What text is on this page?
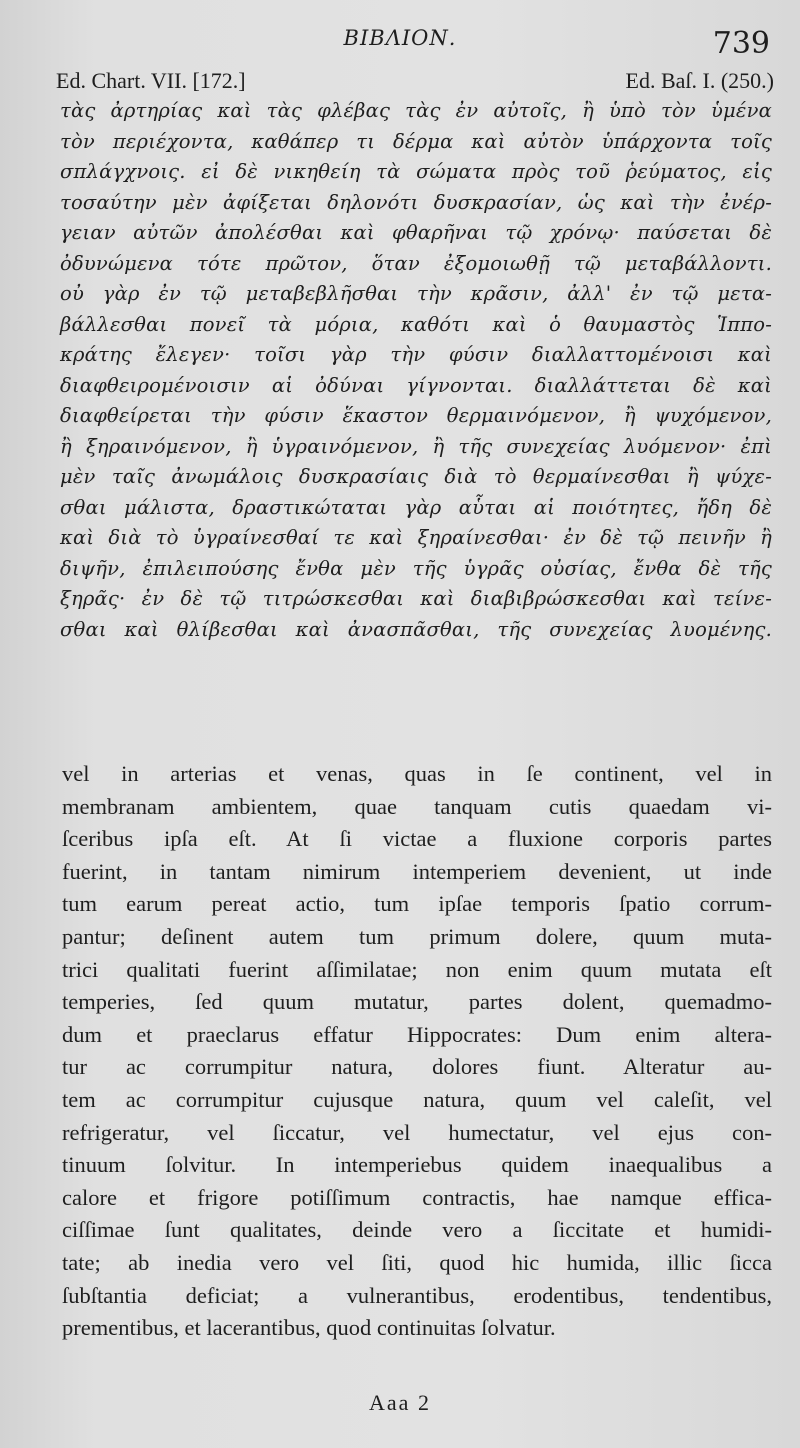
BIBΛΙΟΝ.	739
Ed. Chart. VII. [172.]	Ed. Baſ. I. (250.)
τὰς ἀρτηρίας καὶ τὰς φλέβας τὰς ἐν αὐτοῖς, ἢ ὑπὸ τὸν ὑμένα
τὸν περιέχοντα, καθάπερ τι δέρμα καὶ αὐτὸν ὑπάρχοντα τοῖς
σπλάγχνοις. εἰ δὲ νικηθείη τὰ σώματα πρὸς τοῦ ῥεύματος, εἰς
τοσαύτην μὲν ἀφίξεται δηλονότι δυσκρασίαν, ὡς καὶ τὴν ἐνέρ-
γειαν αὐτῶν ἀπολέσθαι καὶ φθαρῆναι τῷ χρόνῳ· παύσεται δὲ
ὀδυνώμενα τότε πρῶτον, ὅταν ἐξομοιωθῇ τῷ μεταβάλλοντι.
οὐ γὰρ ἐν τῷ μεταβεβλῆσθαι τὴν κρᾶσιν, ἀλλ' ἐν τῷ μετα-
βάλλεσθαι πονεῖ τὰ μόρια, καθότι καὶ ὁ θαυμαστὸς Ἱππο-
κράτης ἔλεγεν· τοῖσι γὰρ τὴν φύσιν διαλλαττομένοισι καὶ
διαφθειρομένοισιν αἱ ὀδύναι γίγνονται. διαλλάττεται δὲ καὶ
διαφθείρεται τὴν φύσιν ἕκαστον θερμαινόμενον, ἢ ψυχόμενον,
ἢ ξηραινόμενον, ἢ ὑγραινόμενον, ἢ τῆς συνεχείας λυόμενον· ἐπὶ
μὲν ταῖς ἀνωμάλοις δυσκρασίαις διὰ τὸ θερμαίνεσθαι ἢ ψύχε-
σθαι μάλιστα, δραστικώταται γὰρ αὗται αἱ ποιότητες, ἤδη δὲ
καὶ διὰ τὸ ὑγραίνεσθαί τε καὶ ξηραίνεσθαι· ἐν δὲ τῷ πεινῆν ἢ
διψῆν, ἐπιλειπούσης ἔνθα μὲν τῆς ὑγρᾶς οὐσίας, ἔνθα δὲ τῆς
ξηρᾶς· ἐν δὲ τῷ τιτρώσκεσθαι καὶ διαβιβρώσκεσθαι καὶ τείνε-
σθαι καὶ θλίβεσθαι καὶ ἀνασπᾶσθαι, τῆς συνεχείας λυομένης.
vel in arterias et venas, quas in ſe continent, vel in
membranam ambientem, quae tanquam cutis quaedam vi-
ſceribus ipſa eſt. At ſi victae a fluxione corporis partes
fuerint, in tantam nimirum intemperiem devenient, ut inde
tum earum pereat actio, tum ipſae temporis ſpatio corrum-
pantur; deſinent autem tum primum dolere, quum muta-
trici qualitati fuerint aſſimilatae; non enim quum mutata eſt
temperies, ſed quum mutatur, partes dolent, quemadmo-
dum et praeclarus effatur Hippocrates: Dum enim altera-
tur ac corrumpitur natura, dolores fiunt. Alteratur au-
tem ac corrumpitur cujusque natura, quum vel caleſit, vel
refrigeratur, vel ſiccatur, vel humectatur, vel ejus con-
tinuum ſolvitur. In intemperiebus quidem inaequalibus a
calore et frigore potiſſimum contractis, hae namque effica-
ciſſimae ſunt qualitates, deinde vero a ſiccitate et humidi-
tate; ab inedia vero vel ſiti, quod hic humida, illic ſicca
ſubſtantia deficiat; a vulnerantibus, erodentibus, tendentibus,
prementibus, et lacerantibus, quod continuitas ſolvatur.
Aaa 2
